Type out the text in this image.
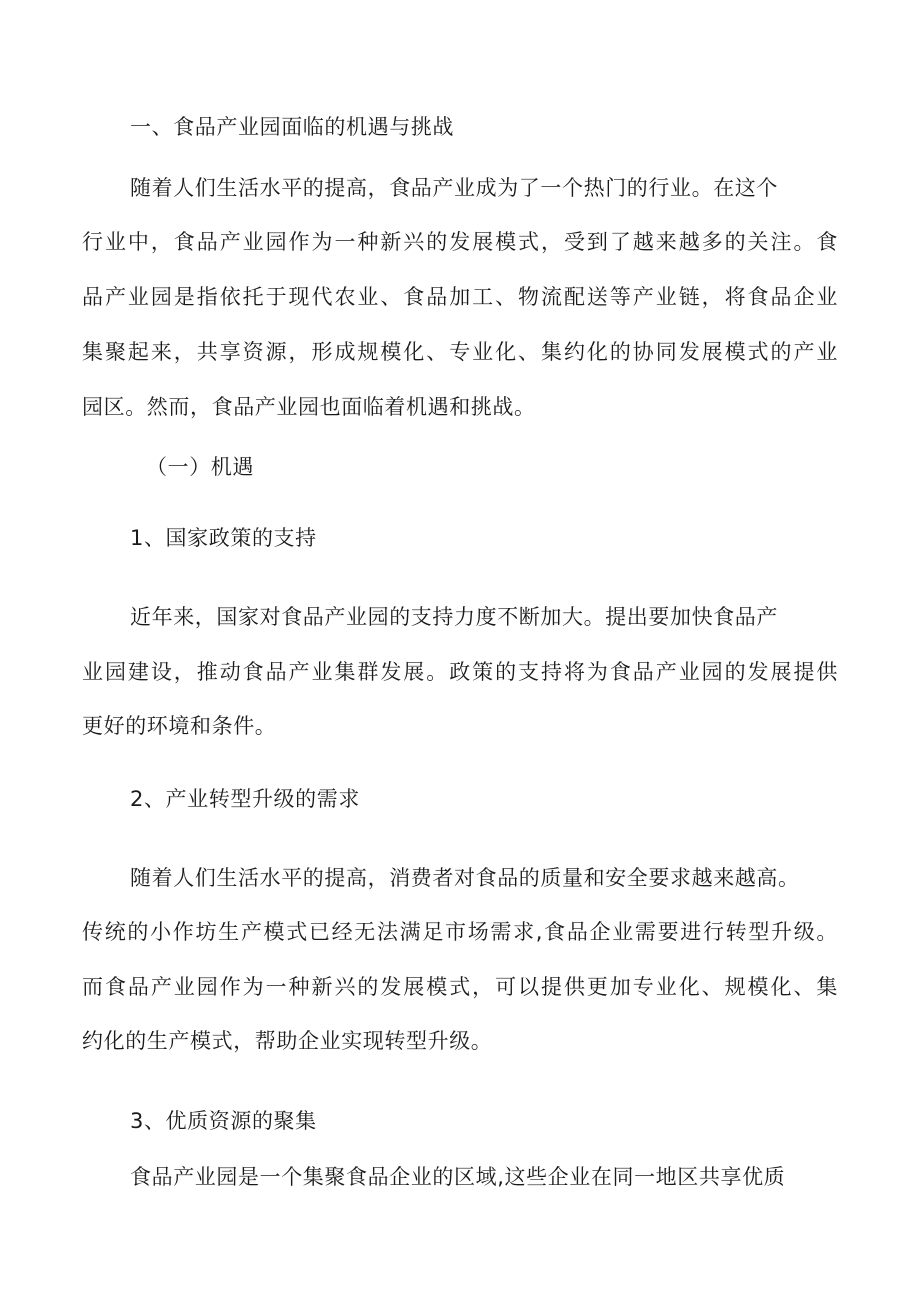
一、食品产业园面临的机遇与挑战
随着人们生活水平的提高，食品产业成为了一个热门的行业。在这个
行业中，食品产业园作为一种新兴的发展模式，受到了越来越多的关注。食
品产业园是指依托于现代农业、食品加工、物流配送等产业链，将食品企业
集聚起来，共享资源，形成规模化、专业化、集约化的协同发展模式的产业
园区。然而，食品产业园也面临着机遇和挑战。
（一）机遇
1、国家政策的支持
近年来，国家对食品产业园的支持力度不断加大。提出要加快食品产
业园建设，推动食品产业集群发展。政策的支持将为食品产业园的发展提供
更好的环境和条件。
2、产业转型升级的需求
随着人们生活水平的提高，消费者对食品的质量和安全要求越来越高。
传统的小作坊生产模式已经无法满足市场需求,食品企业需要进行转型升级。
而食品产业园作为一种新兴的发展模式，可以提供更加专业化、规模化、集
约化的生产模式，帮助企业实现转型升级。
3、优质资源的聚集
食品产业园是一个集聚食品企业的区域,这些企业在同一地区共享优质
